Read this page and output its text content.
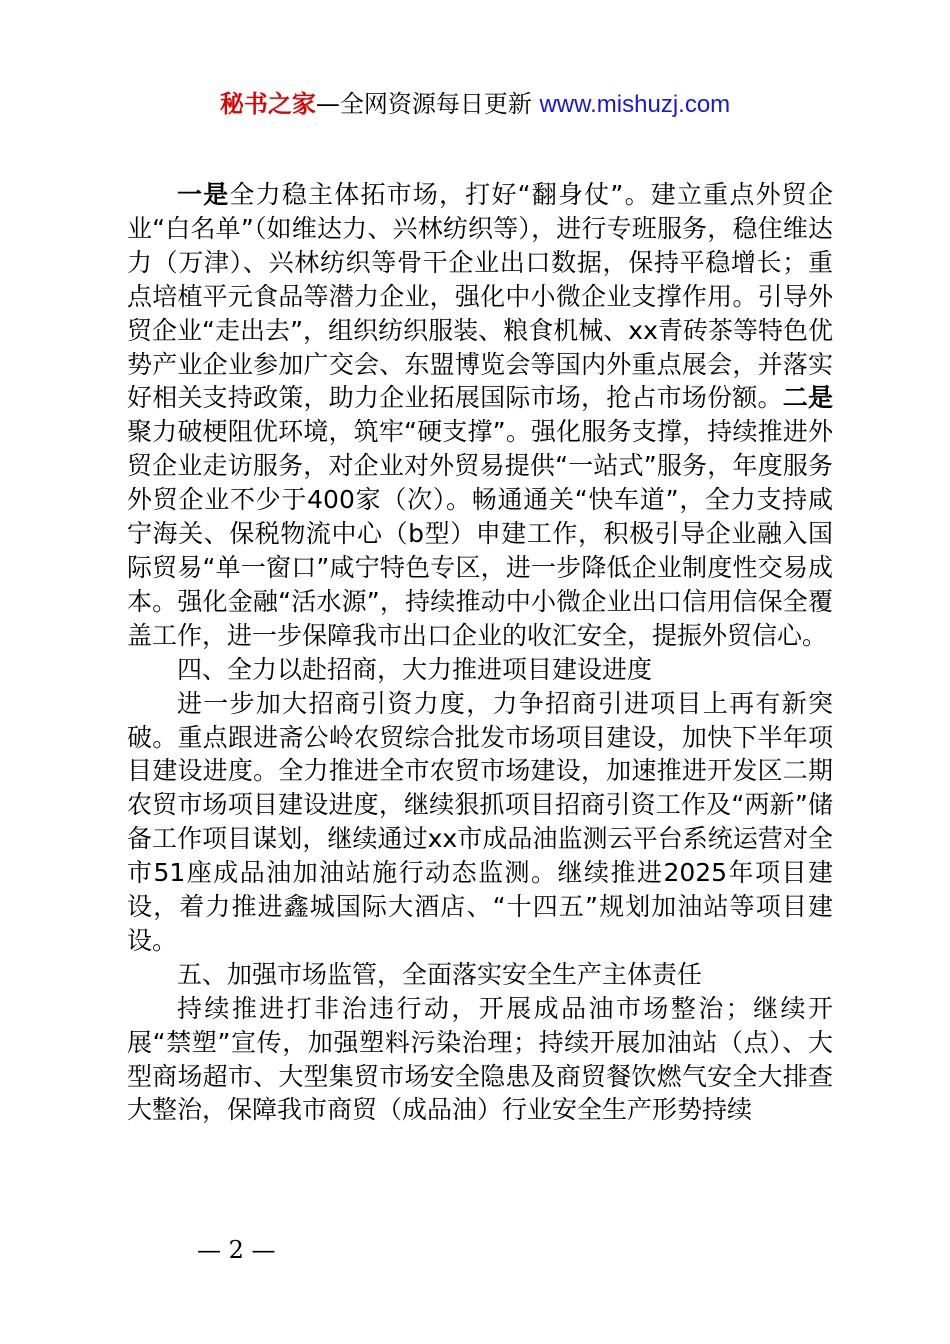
秘书之家—全网资源每日更新 www.mishuzj.com

一是全力稳主体拓市场，打好“翻身仗”。建立重点外贸企业“白名单”（如维达力、兴林纺织等），进行专班服务，稳住维达力（万津）、兴林纺织等骨干企业出口数据，保持平稳增长；重点培植平元食品等潜力企业，强化中小微企业支撑作用。引导外贸企业“走出去”，组织纺织服装、粮食机械、xx青砖茶等特色优势产业企业参加广交会、东盟博览会等国内外重点展会，并落实好相关支持政策，助力企业拓展国际市场，抢占市场份额。二是聚力破梗阻优环境，筑牢“硬支撑”。强化服务支撑，持续推进外贸企业走访服务，对企业对外贸易提供“一站式”服务，年度服务外贸企业不少于400家（次）。畅通通关“快车道”，全力支持咸宁海关、保税物流中心（b型）申建工作，积极引导企业融入国际贸易“单一窗口”咸宁特色专区，进一步降低企业制度性交易成本。强化金融“活水源”，持续推动中小微企业出口信用信保全覆盖工作，进一步保障我市出口企业的收汇安全，提振外贸信心。

四、全力以赴招商，大力推进项目建设进度

进一步加大招商引资力度，力争招商引进项目上再有新突破。重点跟进斋公岭农贸综合批发市场项目建设，加快下半年项目建设进度。全力推进全市农贸市场建设，加速推进开发区二期农贸市场项目建设进度，继续狠抓项目招商引资工作及“两新”储备工作项目谋划，继续通过xx市成品油监测云平台系统运营对全市51座成品油加油站施行动态监测。继续推进2025年项目建设，着力推进鑫城国际大酒店、“十四五”规划加油站等项目建设。

五、加强市场监管，全面落实安全生产主体责任

持续推进打非治违行动，开展成品油市场整治；继续开展“禁塑”宣传，加强塑料污染治理；持续开展加油站（点）、大型商场超市、大型集贸市场安全隐患及商贸餐饮燃气安全大排查大整治，保障我市商贸（成品油）行业安全生产形势持续

— 2 —
